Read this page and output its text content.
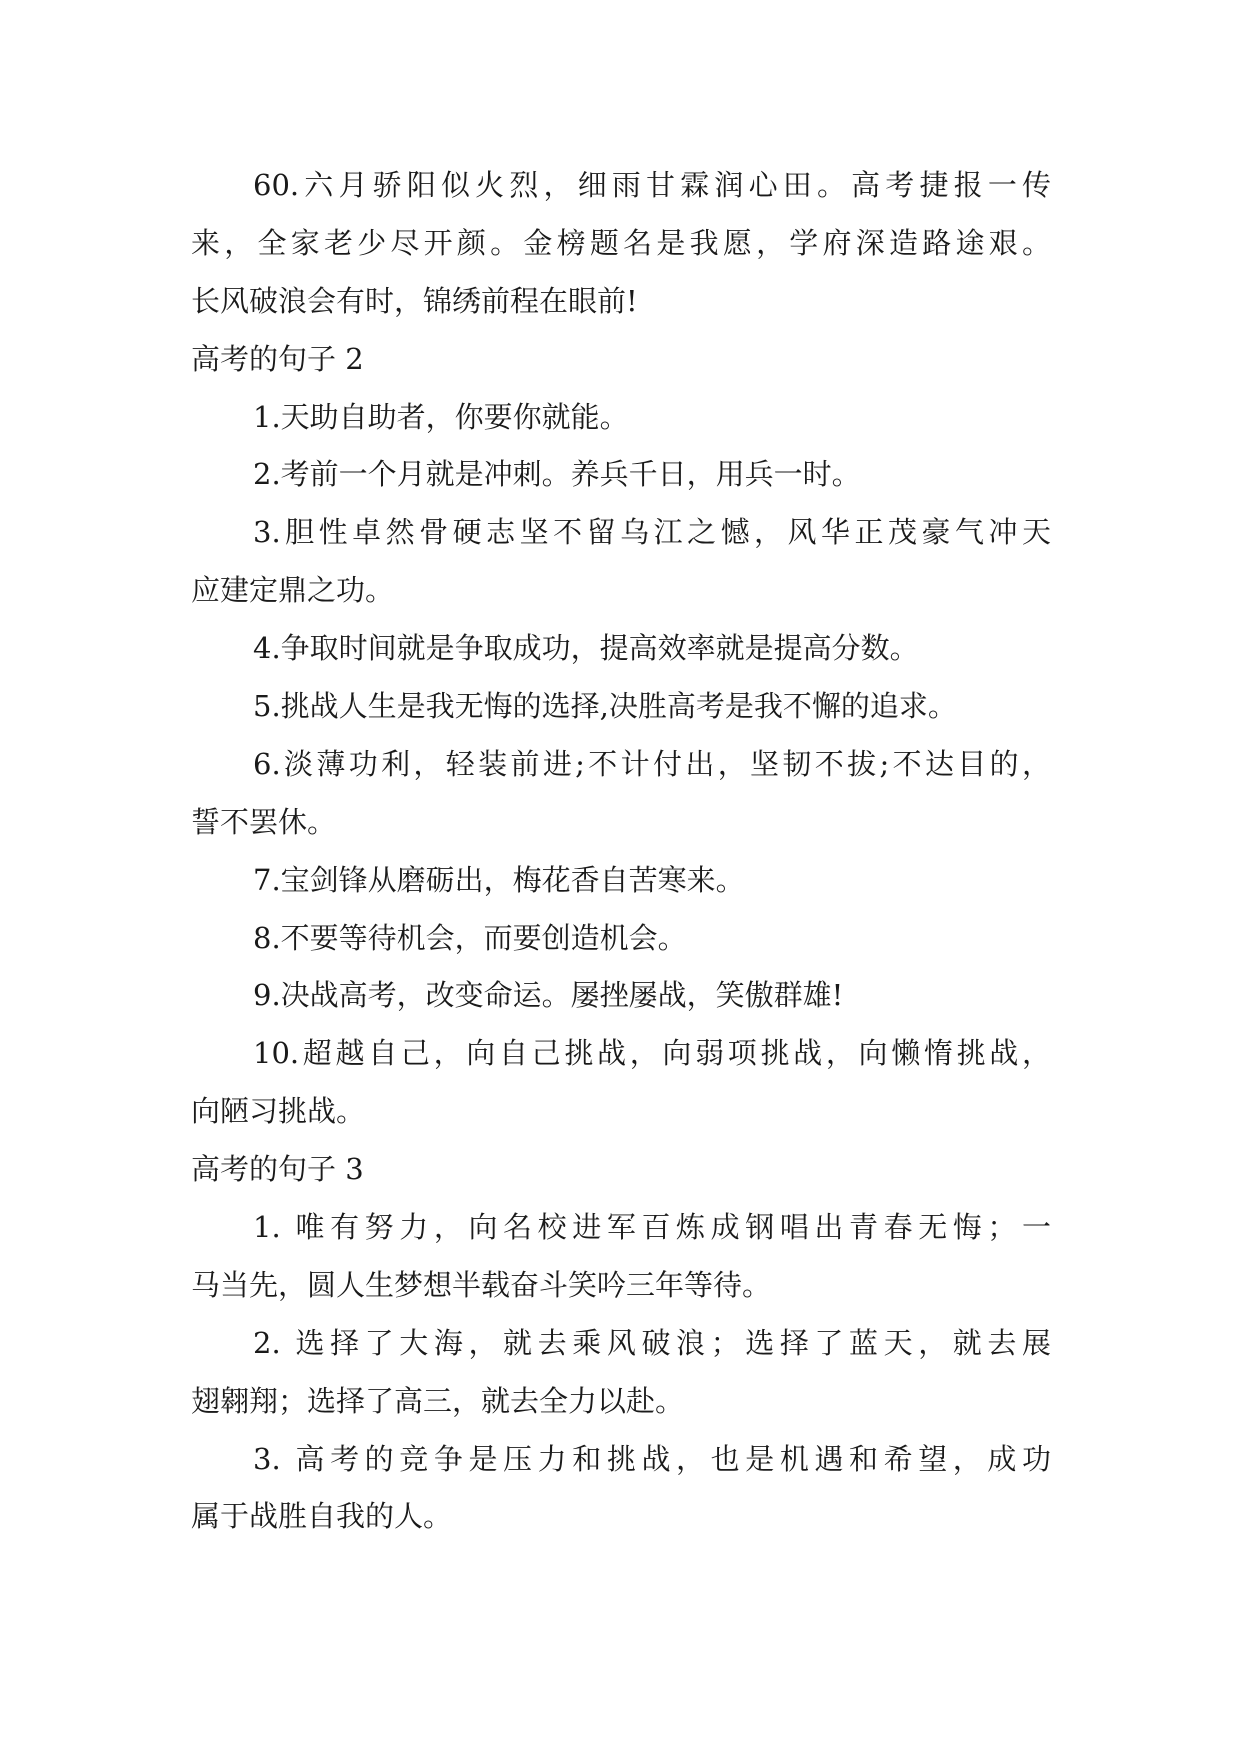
60.六月骄阳似火烈，细雨甘霖润心田。高考捷报一传
来，全家老少尽开颜。金榜题名是我愿，学府深造路途艰。
长风破浪会有时，锦绣前程在眼前!
高考的句子 2
1.天助自助者，你要你就能。
2.考前一个月就是冲刺。养兵千日，用兵一时。
3.胆性卓然骨硬志坚不留乌江之憾，风华正茂豪气冲天
应建定鼎之功。
4.争取时间就是争取成功，提高效率就是提高分数。
5.挑战人生是我无悔的选择,决胜高考是我不懈的追求。
6.淡薄功利，轻装前进;不计付出，坚韧不拔;不达目的，
誓不罢休。
7.宝剑锋从磨砺出，梅花香自苦寒来。
8.不要等待机会，而要创造机会。
9.决战高考，改变命运。屡挫屡战，笑傲群雄!
10.超越自己，向自己挑战，向弱项挑战，向懒惰挑战，
向陋习挑战。
高考的句子 3
1. 唯有努力，向名校进军百炼成钢唱出青春无悔；一
马当先，圆人生梦想半载奋斗笑吟三年等待。
2. 选择了大海，就去乘风破浪；选择了蓝天，就去展
翅翱翔；选择了高三，就去全力以赴。
3. 高考的竞争是压力和挑战，也是机遇和希望，成功
属于战胜自我的人。
